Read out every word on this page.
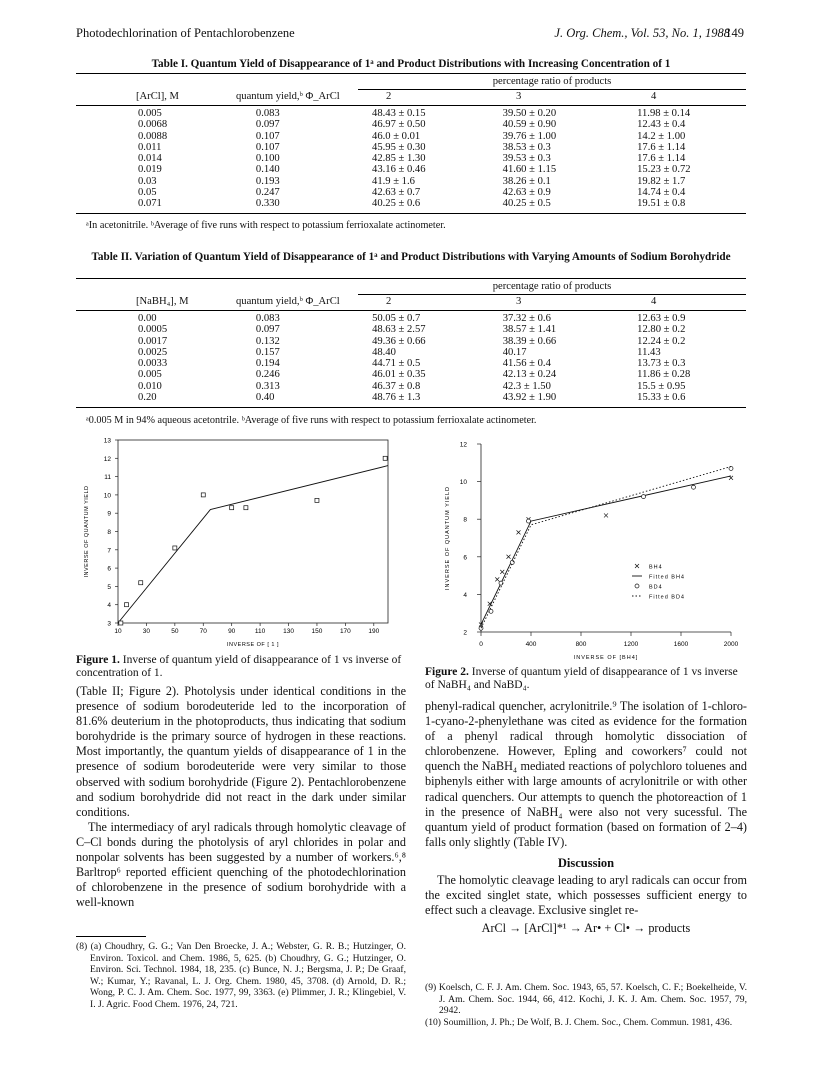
Photodechlorination of Pentachlorobenzene	J. Org. Chem., Vol. 53, No. 1, 1988
149
Table I. Quantum Yield of Disappearance of 1ᵃ and Product Distributions with Increasing Concentration of 1
percentage ratio of products
[ArCl], M	quantum yield,ᵇ Φ_ArCl	2	3	4
0.005	0.083	48.43 ± 0.15	39.50 ± 0.20	11.98 ± 0.14
0.0068	0.097	46.97 ± 0.50	40.59 ± 0.90	12.43 ± 0.4
0.0088	0.107	46.0 ± 0.01	39.76 ± 1.00	14.2 ± 1.00
0.011	0.107	45.95 ± 0.30	38.53 ± 0.3	17.6 ± 1.14
0.014	0.100	42.85 ± 1.30	39.53 ± 0.3	17.6 ± 1.14
0.019	0.140	43.16 ± 0.46	41.60 ± 1.15	15.23 ± 0.72
0.03	0.193	41.9 ± 1.6	38.26 ± 0.1	19.82 ± 1.7
0.05	0.247	42.63 ± 0.7	42.63 ± 0.9	14.74 ± 0.4
0.071	0.330	40.25 ± 0.6	40.25 ± 0.5	19.51 ± 0.8
ᵃIn acetonitrile. ᵇAverage of five runs with respect to potassium ferrioxalate actinometer.
Table II. Variation of Quantum Yield of Disappearance of 1ᵃ and Product Distributions with Varying Amounts of Sodium Borohydride
percentage ratio of products
[NaBH₄], M	quantum yield,ᵇ Φ_ArCl	2	3	4
0.00	0.083	50.05 ± 0.7	37.32 ± 0.6	12.63 ± 0.9
0.0005	0.097	48.63 ± 2.57	38.57 ± 1.41	12.80 ± 0.2
0.0017	0.132	49.36 ± 0.66	38.39 ± 0.66	12.24 ± 0.2
0.0025	0.157	48.40	40.17	11.43
0.0033	0.194	44.71 ± 0.5	41.56 ± 0.4	13.73 ± 0.3
0.005	0.246	46.01 ± 0.35	42.13 ± 0.24	11.86 ± 0.28
0.010	0.313	46.37 ± 0.8	42.3 ± 1.50	15.5 ± 0.95
0.20	0.40	48.76 ± 1.3	43.92 ± 1.90	15.33 ± 0.6
ᵃ0.005 M in 94% aqueous acetontrile. ᵇAverage of five runs with respect to potassium ferrioxalate actinometer.
3
4
5
6
7
8
9
10
11
12
13
10	30	50	70	90	110	130	150	170	190
INVERSE OF [ 1 ]
INVERSE OF QUANTUM YIELD
Figure 1. Inverse of quantum yield of disappearance of 1 vs inverse of concentration of 1.
2
4
6
8
10
12
0	400	800	1200	1600	2000
INVERSE OF [BH4]
INVERSE OF QUANTUM YIELD	BH4
Fitted BH4
BD4
Fitted BD4
Figure 2. Inverse of quantum yield of disappearance of 1 vs inverse of NaBH₄ and NaBD₄.

(Table II; Figure 2). Photolysis under identical conditions in the presence of sodium borodeuteride led to the incorporation of 81.6% deuterium in the photoproducts, thus indicating that sodium borohydride is the primary source of hydrogen in these reactions. Most importantly, the quantum yields of disappearance of 1 in the presence of sodium borodeuteride were very similar to those observed with sodium borohydride (Figure 2). Pentachlorobenzene and sodium borohydride did not react in the dark under similar conditions.

The intermediacy of aryl radicals through homolytic cleavage of C–Cl bonds during the photolysis of aryl chlorides in polar and nonpolar solvents has been suggested by a number of workers.⁶,⁸ Barltrop⁶ reported efficient quenching of the photodechlorination of chlorobenzene in the presence of sodium borohydride with a well-known

phenyl-radical quencher, acrylonitrile.⁹ The isolation of 1-chloro-1-cyano-2-phenylethane was cited as evidence for the formation of a phenyl radical through homolytic dissociation of chlorobenzene. However, Epling and coworkers⁷ could not quench the NaBH₄ mediated reactions of polychloro toluenes and biphenyls either with large amounts of acrylonitrile or with other radical quenchers. Our attempts to quench the photoreaction of 1 in the presence of NaBH₄ were also not very sucessful. The quantum yield of product formation (based on formation of 2–4) falls only slightly (Table IV).

Discussion

The homolytic cleavage leading to aryl radicals can occur from the excited singlet state, which possesses sufficient energy to effect such a cleavage. Exclusive singlet re-

ArCl → [ArCl]*¹ → Ar• + Cl• → products

(8) (a) Choudhry, G. G.; Van Den Broecke, J. A.; Webster, G. R. B.; Hutzinger, O. Environ. Toxicol. and Chem. 1986, 5, 625. (b) Choudhry, G. G.; Hutzinger, O. Environ. Sci. Technol. 1984, 18, 235. (c) Bunce, N. J.; Bergsma, J. P.; De Graaf, W.; Kumar, Y.; Ravanal, L. J. Org. Chem. 1980, 45, 3708. (d) Arnold, D. R.; Wong, P. C. J. Am. Chem. Soc. 1977, 99, 3363. (e) Plimmer, J. R.; Klingebiel, V. I. J. Agric. Food Chem. 1976, 24, 721.

(9) Koelsch, C. F. J. Am. Chem. Soc. 1943, 65, 57. Koelsch, C. F.; Boekelheide, V. J. Am. Chem. Soc. 1944, 66, 412. Kochi, J. K. J. Am. Chem. Soc. 1957, 79, 2942.

(10) Soumillion, J. Ph.; De Wolf, B. J. Chem. Soc., Chem. Commun. 1981, 436.
